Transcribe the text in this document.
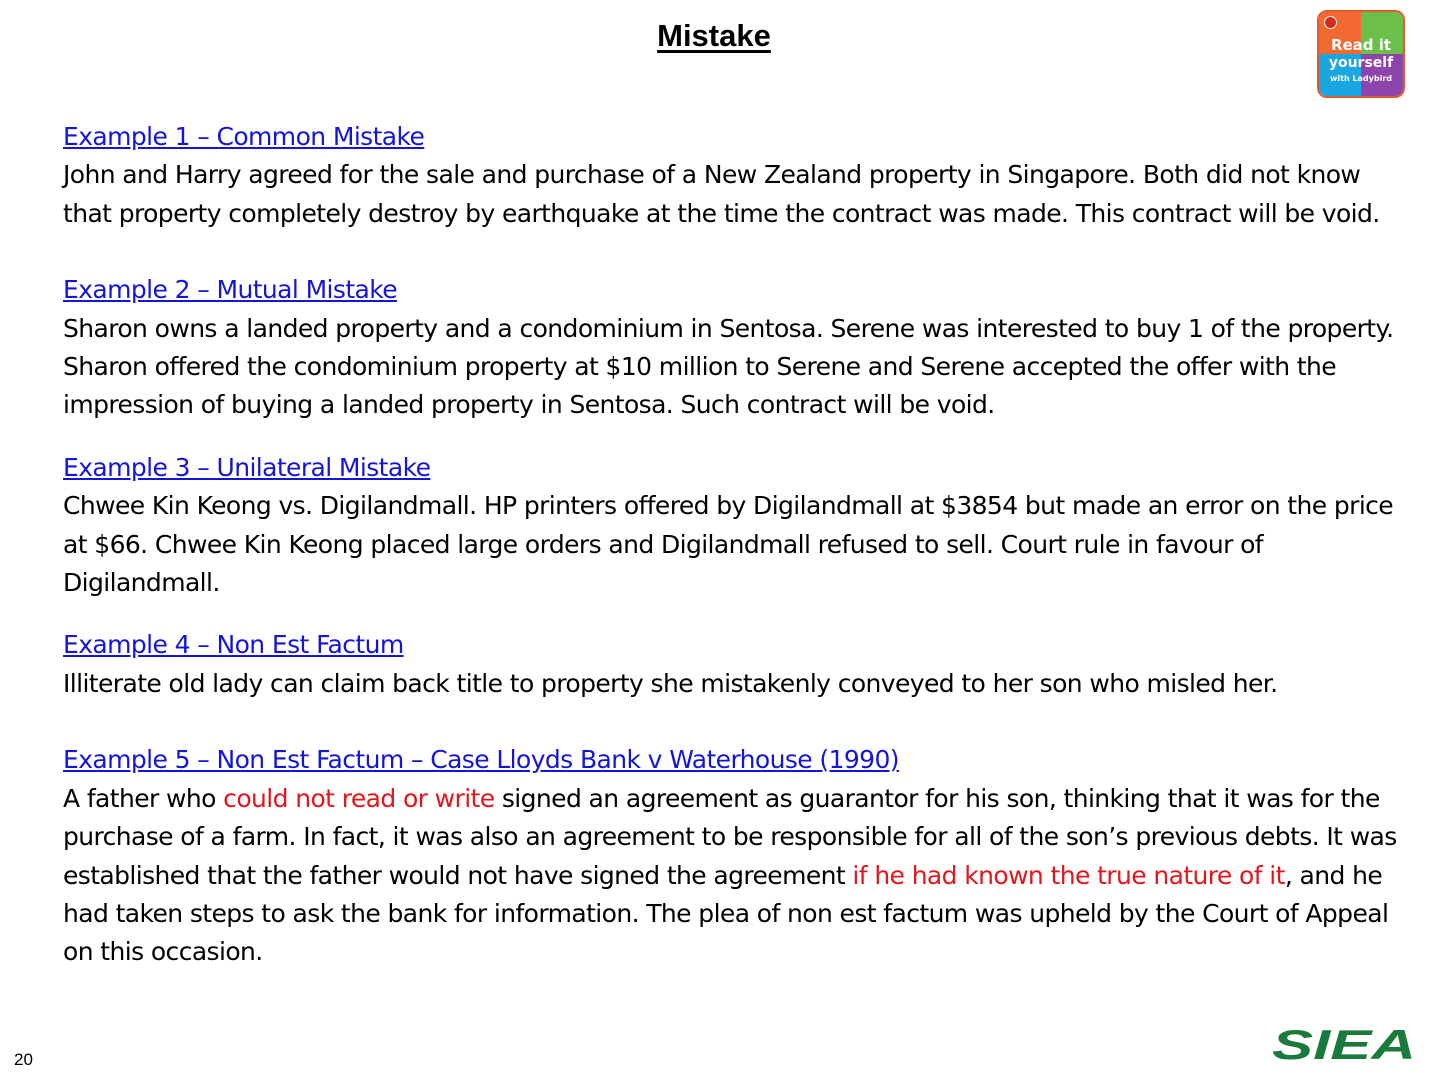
Mistake	Read it
yourself
with Ladybird
Example 1 – Common Mistake

John and Harry agreed for the sale and purchase of a New Zealand property in Singapore. Both did not know that property completely destroy by earthquake at the time the contract was made. This contract will be void.

Example 2 – Mutual Mistake

Sharon owns a landed property and a condominium in Sentosa. Serene was interested to buy 1 of the property. Sharon offered the condominium property at $10 million to Serene and Serene accepted the offer with the impression of buying a landed property in Sentosa. Such contract will be void.

Example 3 – Unilateral Mistake

Chwee Kin Keong vs. Digilandmall. HP printers offered by Digilandmall at $3854 but made an error on the price at $66. Chwee Kin Keong placed large orders and Digilandmall refused to sell. Court rule in favour of Digilandmall.

Example 4 – Non Est Factum

Illiterate old lady can claim back title to property she mistakenly conveyed to her son who misled her.

Example 5 – Non Est Factum – Case Lloyds Bank v Waterhouse (1990)

A father who could not read or write signed an agreement as guarantor for his son, thinking that it was for the purchase of a farm. In fact, it was also an agreement to be responsible for all of the son’s previous debts. It was established that the father would not have signed the agreement if he had known the true nature of it, and he had taken steps to ask the bank for information. The plea of non est factum was upheld by the Court of Appeal on this occasion.

20	SIEA
